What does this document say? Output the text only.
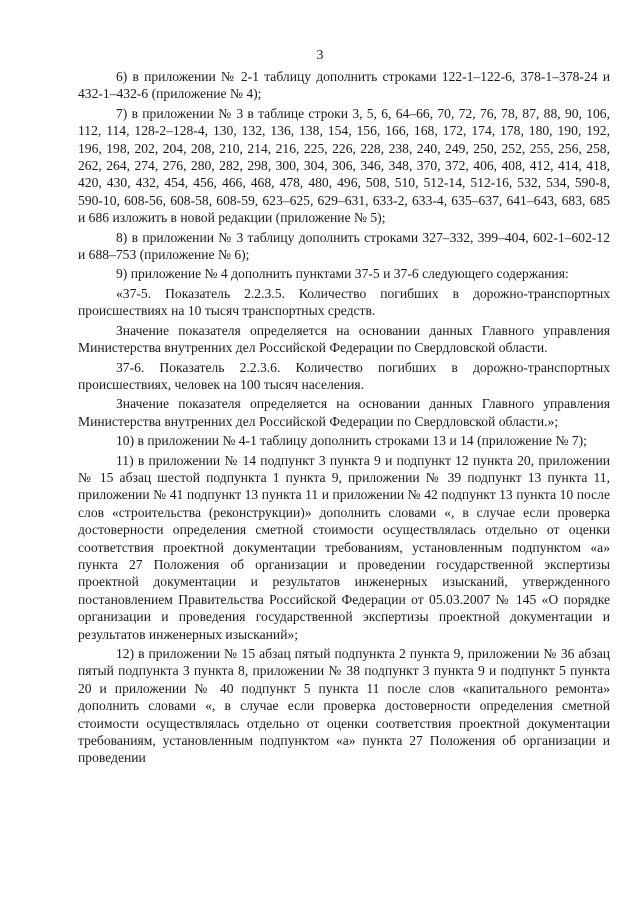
3

6) в приложении № 2-1 таблицу дополнить строками 122-1–122-6, 378-1–378-24 и 432-1–432-6 (приложение № 4);

7) в приложении № 3 в таблице строки 3, 5, 6, 64–66, 70, 72, 76, 78, 87, 88, 90, 106, 112, 114, 128-2–128-4, 130, 132, 136, 138, 154, 156, 166, 168, 172, 174, 178, 180, 190, 192, 196, 198, 202, 204, 208, 210, 214, 216, 225, 226, 228, 238, 240, 249, 250, 252, 255, 256, 258, 262, 264, 274, 276, 280, 282, 298, 300, 304, 306, 346, 348, 370, 372, 406, 408, 412, 414, 418, 420, 430, 432, 454, 456, 466, 468, 478, 480, 496, 508, 510, 512-14, 512-16, 532, 534, 590-8, 590-10, 608-56, 608-58, 608-59, 623–625, 629–631, 633-2, 633-4, 635–637, 641–643, 683, 685 и 686 изложить в новой редакции (приложение № 5);

8) в приложении № 3 таблицу дополнить строками 327–332, 399–404, 602-1–602-12 и 688–753 (приложение № 6);

9) приложение № 4 дополнить пунктами 37-5 и 37-6 следующего содержания:

«37-5. Показатель 2.2.3.5. Количество погибших в дорожно-транспортных происшествиях на 10 тысяч транспортных средств.

Значение показателя определяется на основании данных Главного управления Министерства внутренних дел Российской Федерации по Свердловской области.

37-6. Показатель 2.2.3.6. Количество погибших в дорожно-транспортных происшествиях, человек на 100 тысяч населения.

Значение показателя определяется на основании данных Главного управления Министерства внутренних дел Российской Федерации по Свердловской области.»;

10) в приложении № 4-1 таблицу дополнить строками 13 и 14 (приложение № 7);

11) в приложении № 14 подпункт 3 пункта 9 и подпункт 12 пункта 20, приложении № 15 абзац шестой подпункта 1 пункта 9, приложении № 39 подпункт 13 пункта 11, приложении № 41 подпункт 13 пункта 11 и приложении № 42 подпункт 13 пункта 10 после слов «строительства (реконструкции)» дополнить словами «, в случае если проверка достоверности определения сметной стоимости осуществлялась отдельно от оценки соответствия проектной документации требованиям, установленным подпунктом «а» пункта 27 Положения об организации и проведении государственной экспертизы проектной документации и результатов инженерных изысканий, утвержденного постановлением Правительства Российской Федерации от 05.03.2007 № 145 «О порядке организации и проведения государственной экспертизы проектной документации и результатов инженерных изысканий»;

12) в приложении № 15 абзац пятый подпункта 2 пункта 9, приложении № 36 абзац пятый подпункта 3 пункта 8, приложении № 38 подпункт 3 пункта 9 и подпункт 5 пункта 20 и приложении № 40 подпункт 5 пункта 11 после слов «капитального ремонта» дополнить словами «, в случае если проверка достоверности определения сметной стоимости осуществлялась отдельно от оценки соответствия проектной документации требованиям, установленным подпунктом «а» пункта 27 Положения об организации и проведении
